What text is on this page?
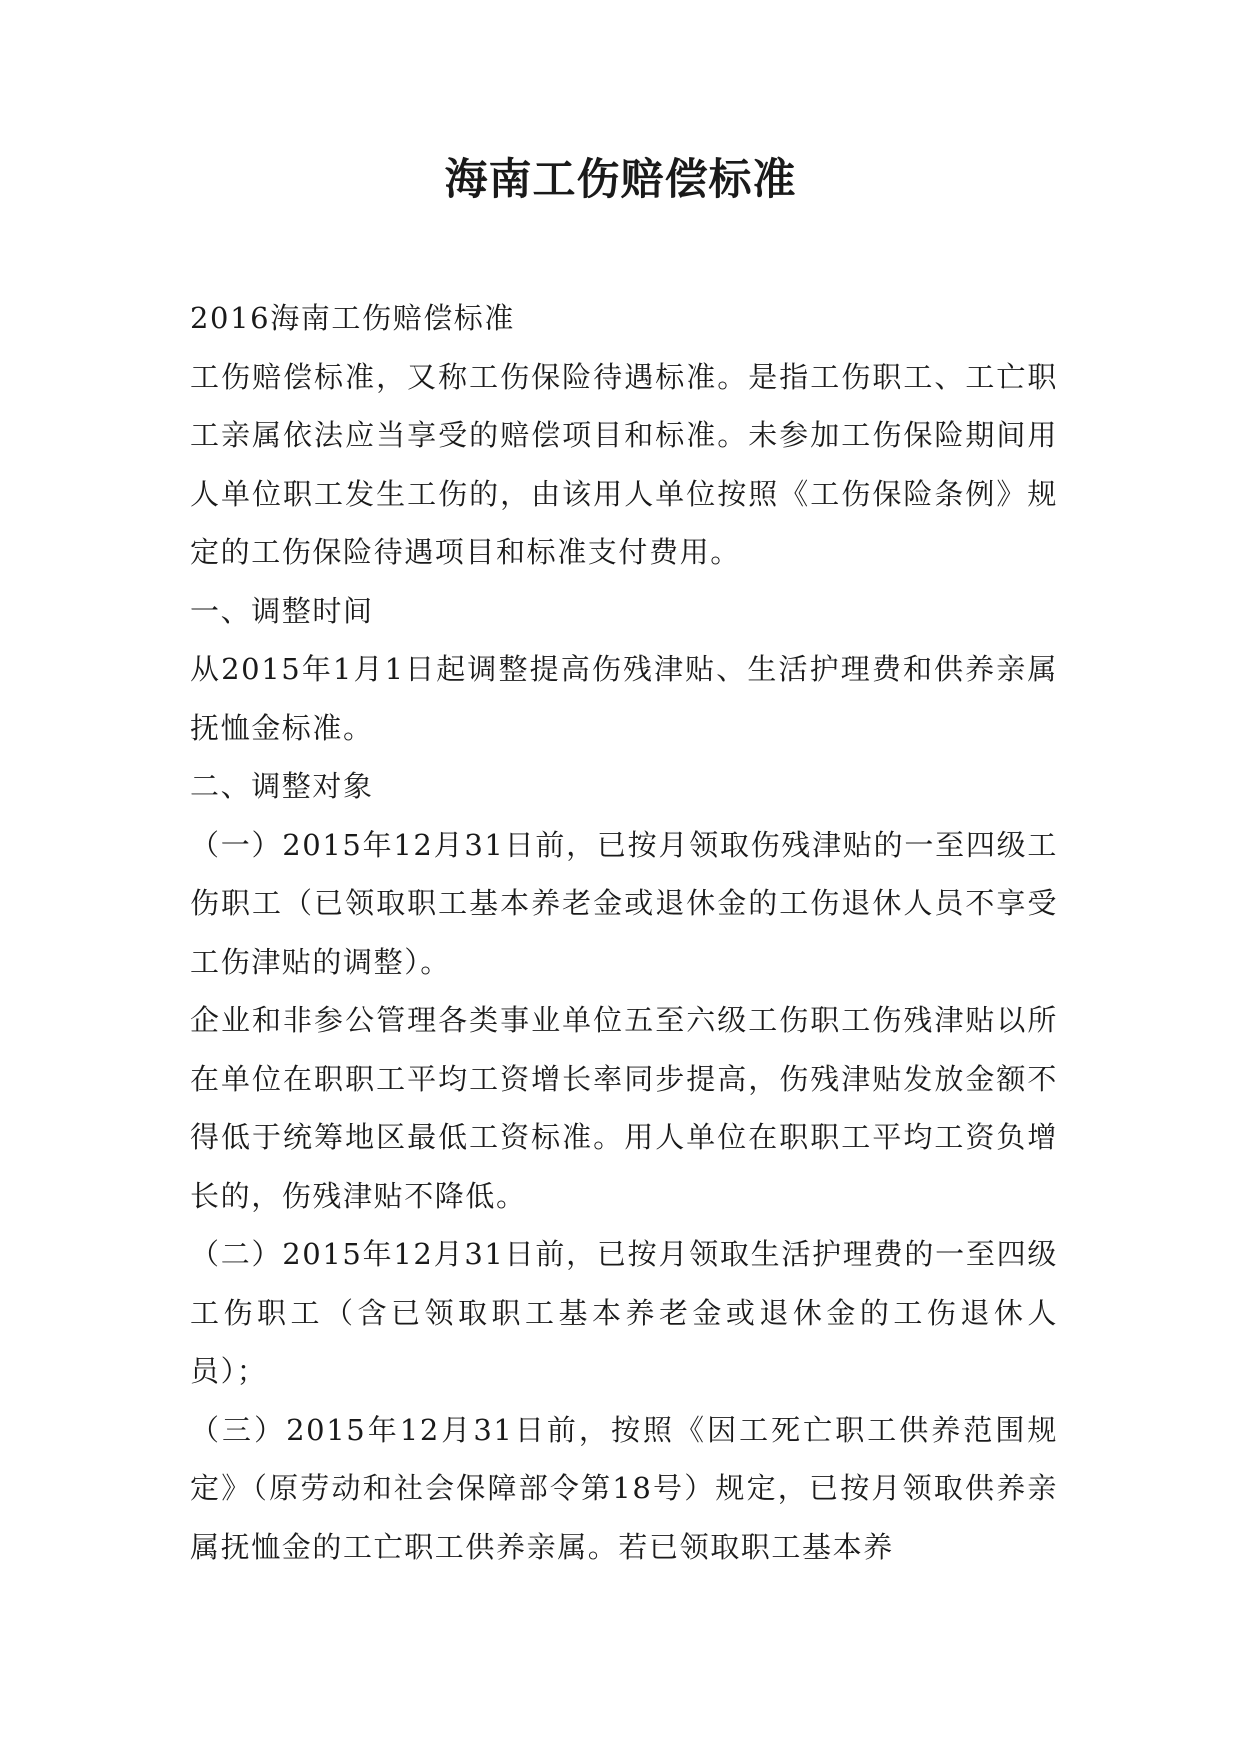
海南工伤赔偿标准

2016海南工伤赔偿标准

工伤赔偿标准，又称工伤保险待遇标准。是指工伤职工、工亡职工亲属依法应当享受的赔偿项目和标准。未参加工伤保险期间用人单位职工发生工伤的，由该用人单位按照《工伤保险条例》规定的工伤保险待遇项目和标准支付费用。

一、调整时间

从2015年1月1日起调整提高伤残津贴、生活护理费和供养亲属抚恤金标准。

二、调整对象

（一）2015年12月31日前，已按月领取伤残津贴的一至四级工伤职工（已领取职工基本养老金或退休金的工伤退休人员不享受工伤津贴的调整）。

企业和非参公管理各类事业单位五至六级工伤职工伤残津贴以所在单位在职职工平均工资增长率同步提高，伤残津贴发放金额不得低于统筹地区最低工资标准。用人单位在职职工平均工资负增长的，伤残津贴不降低。

（二）2015年12月31日前，已按月领取生活护理费的一至四级工伤职工（含已领取职工基本养老金或退休金的工伤退休人员）；

（三）2015年12月31日前，按照《因工死亡职工供养范围规定》（原劳动和社会保障部令第18号）规定，已按月领取供养亲属抚恤金的工亡职工供养亲属。若已领取职工基本养
